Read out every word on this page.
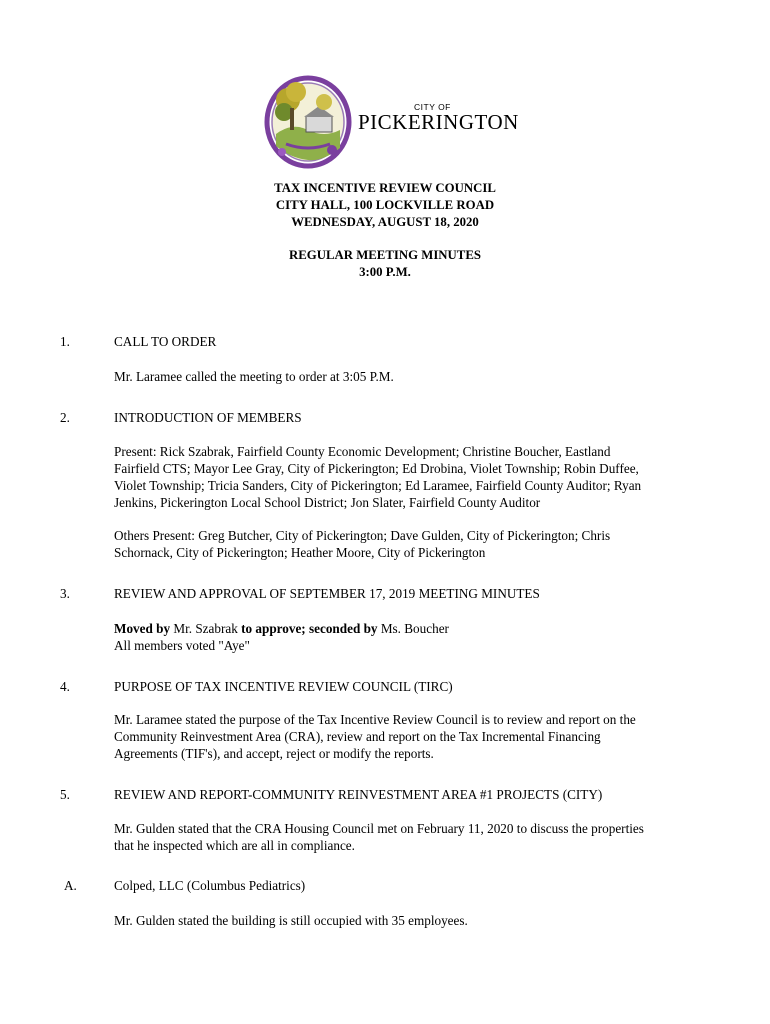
CITY OF
PICKERINGTON
TAX INCENTIVE REVIEW COUNCIL
CITY HALL, 100 LOCKVILLE ROAD
WEDNESDAY, AUGUST 18, 2020
REGULAR MEETING MINUTES
3:00 P.M.
1.	CALL TO ORDER
Mr. Laramee called the meeting to order at 3:05 P.M.
2.	INTRODUCTION OF MEMBERS
Present: Rick Szabrak, Fairfield County Economic Development; Christine Boucher, Eastland Fairfield CTS; Mayor Lee Gray, City of Pickerington; Ed Drobina, Violet Township; Robin Duffee, Violet Township; Tricia Sanders, City of Pickerington; Ed Laramee, Fairfield County Auditor; Ryan Jenkins, Pickerington Local School District; Jon Slater, Fairfield County Auditor
Others Present: Greg Butcher, City of Pickerington; Dave Gulden, City of Pickerington; Chris Schornack, City of Pickerington; Heather Moore, City of Pickerington
3.	REVIEW AND APPROVAL OF SEPTEMBER 17, 2019 MEETING MINUTES
Moved by Mr. Szabrak to approve; seconded by Ms. Boucher
All members voted "Aye"
4.	PURPOSE OF TAX INCENTIVE REVIEW COUNCIL (TIRC)
Mr. Laramee stated the purpose of the Tax Incentive Review Council is to review and report on the Community Reinvestment Area (CRA), review and report on the Tax Incremental Financing Agreements (TIF's), and accept, reject or modify the reports.
5.	REVIEW AND REPORT-COMMUNITY REINVESTMENT AREA #1 PROJECTS (CITY)
Mr. Gulden stated that the CRA Housing Council met on February 11, 2020 to discuss the properties that he inspected which are all in compliance.
A.	Colped, LLC (Columbus Pediatrics)
Mr. Gulden stated the building is still occupied with 35 employees.
